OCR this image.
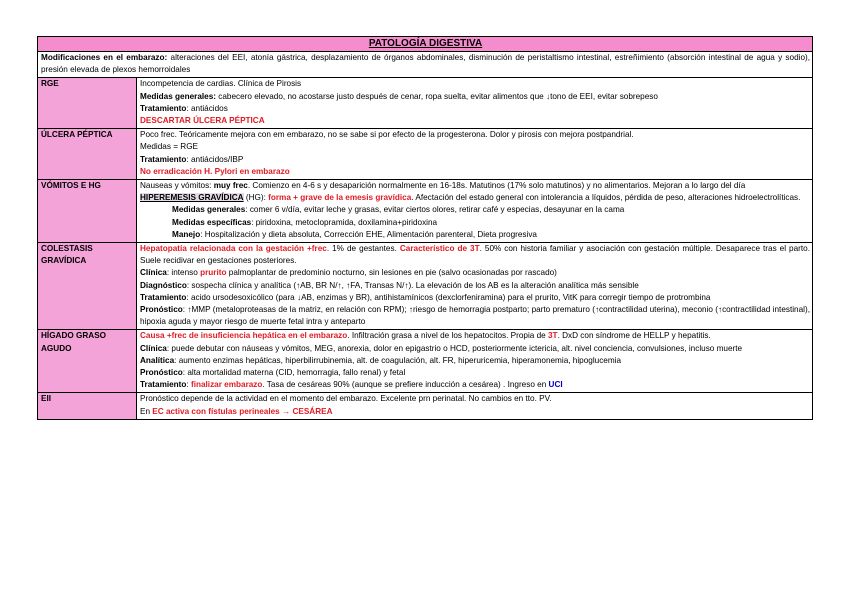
PATOLOGÍA DIGESTIVA	
Modificaciones en el embarazo: alteraciones del EEI, atonía gástrica, desplazamiento de órganos abdominales, disminución de peristaltismo intestinal, estreñimiento (absorción intestinal de agua y sodio), presión elevada de plexos hemorroidales	
RGE	Incompetencia de cardias. Clínica de Pirosis
Medidas generales: cabecero elevado, no acostarse justo después de cenar, ropa suelta, evitar alimentos que ↓tono de EEI, evitar sobrepeso
Tratamiento: antiácidos
DESCARTAR ÚLCERA PÉPTICA

ÚLCERA PÉPTICA	Poco frec. Teóricamente mejora con em embarazo, no se sabe si por efecto de la progesterona. Dolor y pirosis con mejora postpandrial.
Medidas = RGE
Tratamiento: antiácidos/IBP
No erradicación H. Pylori en embarazo

VÓMITOS E HG	Nauseas y vómitos: muy frec. Comienzo en 4-6 s y desaparición normalmente en 16-18s. Matutinos (17% solo matutinos) y no alimentarios. Mejoran a lo largo del día
HIPEREMESIS GRAVÍDICA (HG): forma + grave de la emesis gravídica. Afectación del estado general con intolerancia a líquidos, pérdida de peso, alteraciones hidroelectrolíticas.
Medidas generales: comer 6 v/día, evitar leche y grasas, evitar ciertos olores, retirar café y especias, desayunar en la cama
Medidas específicas: piridoxina, metoclopramida, doxilamina+piridoxina
Manejo: Hospitalización y dieta absoluta, Corrección EHE, Alimentación parenteral, Dieta progresiva

COLESTASIS GRAVÍDICA	Hepatopatía relacionada con la gestación +frec. 1% de gestantes. Característico de 3T. 50% con historia familiar y asociación con gestación múltiple. Desaparece tras el parto. Suele recidivar en gestaciones posteriores.
Clínica: intenso prurito palmoplantar de predominio nocturno, sin lesiones en pie (salvo ocasionadas por rascado)
Diagnóstico: sospecha clínica y analítica (↑AB, BR N/↑, ↑FA, Transas N/↑). La elevación de los AB es la alteración analítica más sensible
Tratamiento: acido ursodesoxicólico (para ↓AB, enzimas y BR), antihistamínicos (dexclorfeniramina) para el prurito, VitK para corregir tiempo de protrombina
Pronóstico: ↑MMP (metaloproteasas de la matriz, en relación con RPM); ↑riesgo de hemorragia postparto; parto prematuro (↑contractilidad uterina), meconio (↑contractilidad intestinal), hipoxia aguda y mayor riesgo de muerte fetal intra y anteparto

HÍGADO GRASO AGUDO	Causa +frec de insuficiencia hepática en el embarazo. Infiltración grasa a nivel de los hepatocitos. Propia de 3T. DxD con síndrome de HELLP y hepatitis.
Clínica: puede debutar con náuseas y vómitos, MEG, anorexia, dolor en epigastrio o HCD, posteriormente ictericia, alt. nivel conciencia, convulsiones, incluso muerte
Analítica: aumento enzimas hepáticas, hiperbilirrubinemia, alt. de coagulación, alt. FR, hiperuricemia, hiperamonemia, hipoglucemia
Pronóstico: alta mortalidad materna (CID, hemorragia, fallo renal) y fetal
Tratamiento: finalizar embarazo. Tasa de cesáreas 90% (aunque se prefiere inducción a cesárea) . Ingreso en UCI

EII	Pronóstico depende de la actividad en el momento del embarazo. Excelente prn perinatal. No cambios en tto. PV.
En EC activa con fístulas perineales → CESÁREA
